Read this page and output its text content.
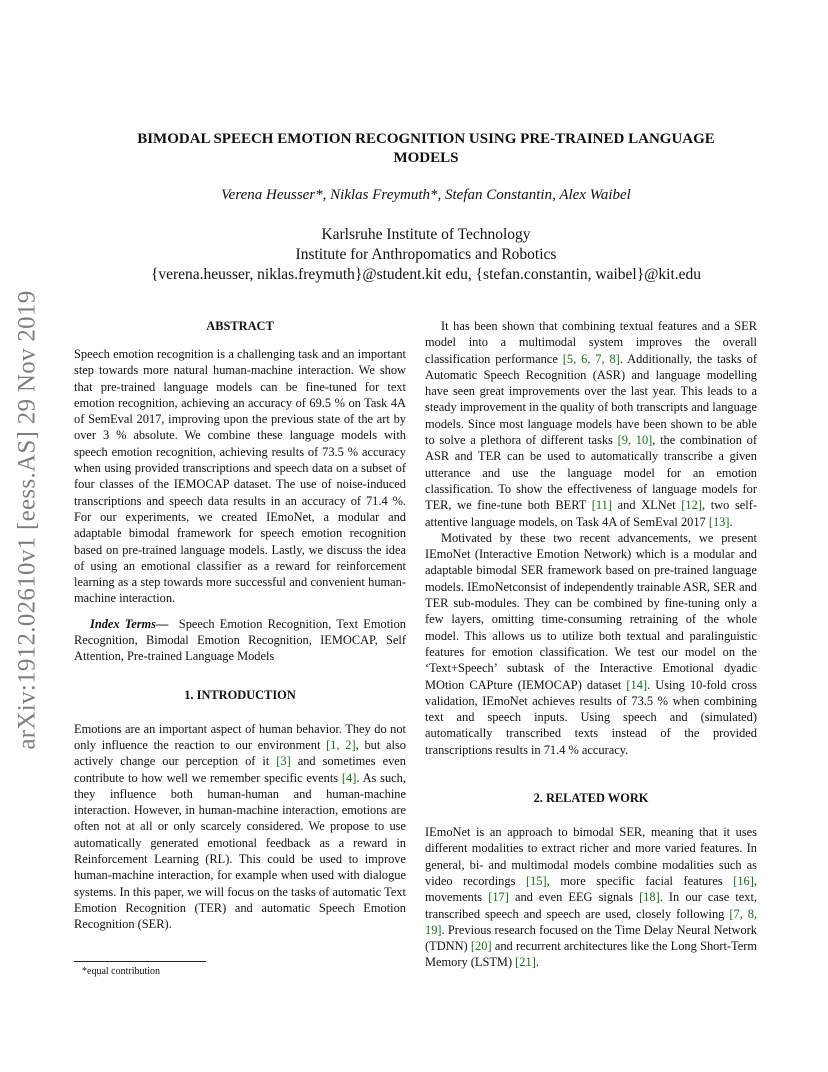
arXiv:1912.02610v1 [eess.AS] 29 Nov 2019
BIMODAL SPEECH EMOTION RECOGNITION USING PRE-TRAINED LANGUAGE
MODELS
Verena Heusser*, Niklas Freymuth*, Stefan Constantin, Alex Waibel
Karlsruhe Institute of Technology
Institute for Anthropomatics and Robotics
{verena.heusser, niklas.freymuth}@student.kit edu, {stefan.constantin, waibel}@kit.edu
ABSTRACT

Speech emotion recognition is a challenging task and an important step towards more natural human-machine interaction. We show that pre-trained language models can be fine-tuned for text emotion recognition, achieving an accuracy of 69.5 % on Task 4A of SemEval 2017, improving upon the previous state of the art by over 3 % absolute. We combine these language models with speech emotion recognition, achieving results of 73.5 % accuracy when using provided transcriptions and speech data on a subset of four classes of the IEMOCAP dataset. The use of noise-induced transcriptions and speech data results in an accuracy of 71.4 %. For our experiments, we created IEmoNet, a modular and adaptable bimodal framework for speech emotion recognition based on pre-trained language models. Lastly, we discuss the idea of using an emotional classifier as a reward for reinforcement learning as a step towards more successful and convenient human-machine interaction.

Index Terms— Speech Emotion Recognition, Text Emotion Recognition, Bimodal Emotion Recognition, IEMOCAP, Self Attention, Pre-trained Language Models

1. INTRODUCTION

Emotions are an important aspect of human behavior. They do not only influence the reaction to our environment [1, 2], but also actively change our perception of it [3] and sometimes even contribute to how well we remember specific events [4]. As such, they influence both human-human and human-machine interaction. However, in human-machine interaction, emotions are often not at all or only scarcely considered. We propose to use automatically generated emotional feedback as a reward in Reinforcement Learning (RL). This could be used to improve human-machine interaction, for example when used with dialogue systems. In this paper, we will focus on the tasks of automatic Text Emotion Recognition (TER) and automatic Speech Emotion Recognition (SER).

*equal contribution

It has been shown that combining textual features and a SER model into a multimodal system improves the overall classification performance [5, 6, 7, 8]. Additionally, the tasks of Automatic Speech Recognition (ASR) and language modelling have seen great improvements over the last year. This leads to a steady improvement in the quality of both transcripts and language models. Since most language models have been shown to be able to solve a plethora of different tasks [9, 10], the combination of ASR and TER can be used to automatically transcribe a given utterance and use the language model for an emotion classification. To show the effectiveness of language models for TER, we fine-tune both BERT [11] and XLNet [12], two self-attentive language models, on Task 4A of SemEval 2017 [13].

Motivated by these two recent advancements, we present IEmoNet (Interactive Emotion Network) which is a modular and adaptable bimodal SER framework based on pre-trained language models. IEmoNetconsist of independently trainable ASR, SER and TER sub-modules. They can be combined by fine-tuning only a few layers, omitting time-consuming retraining of the whole model. This allows us to utilize both textual and paralinguistic features for emotion classification. We test our model on the ‘Text+Speech’ subtask of the Interactive Emotional dyadic MOtion CAPture (IEMOCAP) dataset [14]. Using 10-fold cross validation, IEmoNet achieves results of 73.5 % when combining text and speech inputs. Using speech and (simulated) automatically transcribed texts instead of the provided transcriptions results in 71.4 % accuracy.

2. RELATED WORK

IEmoNet is an approach to bimodal SER, meaning that it uses different modalities to extract richer and more varied features. In general, bi- and multimodal models combine modalities such as video recordings [15], more specific facial features [16], movements [17] and even EEG signals [18]. In our case text, transcribed speech and speech are used, closely following [7, 8, 19]. Previous research focused on the Time Delay Neural Network (TDNN) [20] and recurrent architectures like the Long Short-Term Memory (LSTM) [21].
